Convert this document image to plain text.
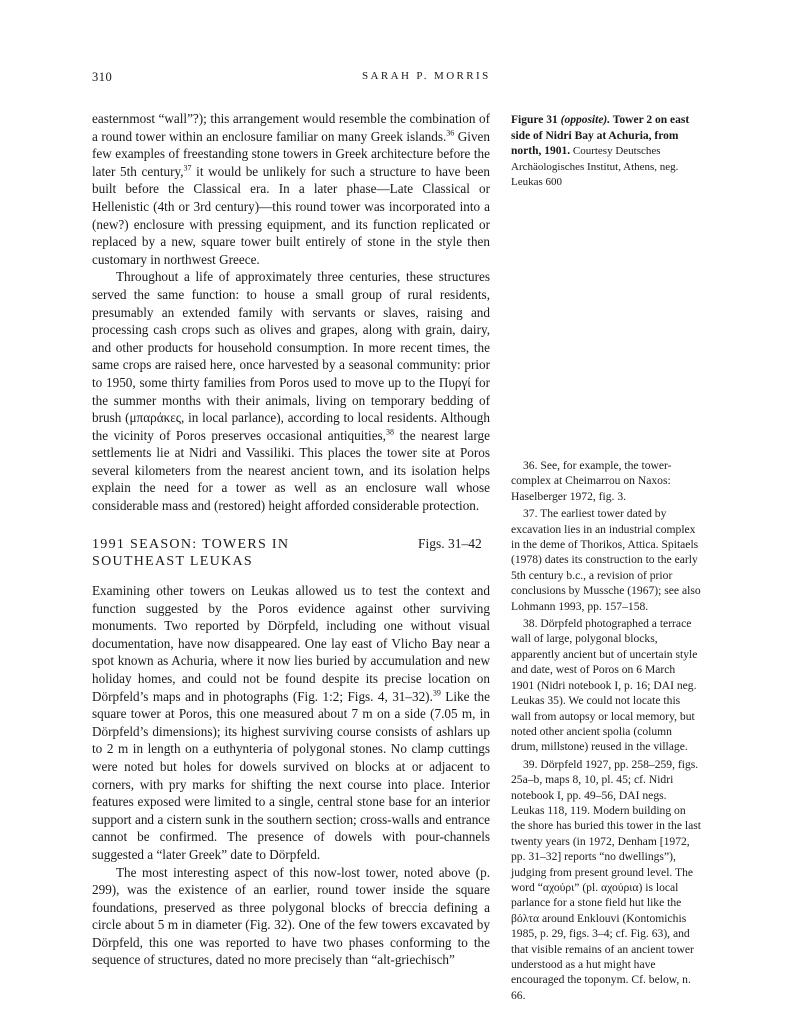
310	SARAH P. MORRIS

easternmost “wall”?); this arrangement would resemble the combination of a round tower within an enclosure familiar on many Greek islands.$^{36}$ Given few examples of freestanding stone towers in Greek architecture before the later 5th century,$^{37}$ it would be unlikely for such a structure to have been built before the Classical era. In a later phase—Late Classical or Hellenistic (4th or 3rd century)—this round tower was incorporated into a (new?) enclosure with pressing equipment, and its function replicated or replaced by a new, square tower built entirely of stone in the style then customary in northwest Greece.

Throughout a life of approximately three centuries, these structures served the same function: to house a small group of rural residents, presumably an extended family with servants or slaves, raising and processing cash crops such as olives and grapes, along with grain, dairy, and other products for household consumption. In more recent times, the same crops are raised here, once harvested by a seasonal community: prior to 1950, some thirty families from Poros used to move up to the Πυργί for the summer months with their animals, living on temporary bedding of brush (μπαράκες, in local parlance), according to local residents. Although the vicinity of Poros preserves occasional antiquities,$^{38}$ the nearest large settlements lie at Nidri and Vassiliki. This places the tower site at Poros several kilometers from the nearest ancient town, and its isolation helps explain the need for a tower as well as an enclosure wall whose considerable mass and (restored) height afforded considerable protection.

1991 SEASON: TOWERS IN SOUTHEAST LEUKAS
Figs. 31–42

Examining other towers on Leukas allowed us to test the context and function suggested by the Poros evidence against other surviving monuments. Two reported by Dörpfeld, including one without visual documentation, have now disappeared. One lay east of Vlicho Bay near a spot known as Achuria, where it now lies buried by accumulation and new holiday homes, and could not be found despite its precise location on Dörpfeld’s maps and in photographs (Fig. 1:2; Figs. 4, 31–32).$^{39}$ Like the square tower at Poros, this one measured about 7 m on a side (7.05 m, in Dörpfeld’s dimensions); its highest surviving course consists of ashlars up to 2 m in length on a euthynteria of polygonal stones. No clamp cuttings were noted but holes for dowels survived on blocks at or adjacent to corners, with pry marks for shifting the next course into place. Interior features exposed were limited to a single, central stone base for an interior support and a cistern sunk in the southern section; cross-walls and entrance cannot be confirmed. The presence of dowels with pour-channels suggested a “later Greek” date to Dörpfeld.

The most interesting aspect of this now-lost tower, noted above (p. 299), was the existence of an earlier, round tower inside the square foundations, preserved as three polygonal blocks of breccia defining a circle about 5 m in diameter (Fig. 32). One of the few towers excavated by Dörpfeld, this one was reported to have two phases conforming to the sequence of structures, dated no more precisely than “alt-griechisch”

Figure 31 (opposite). Tower 2 on east side of Nidri Bay at Achuria, from north, 1901. Courtesy Deutsches Archäologisches Institut, Athens, neg. Leukas 600

36. See, for example, the tower-complex at Cheimarrou on Naxos: Haselberger 1972, fig. 3.

37. The earliest tower dated by excavation lies in an industrial complex in the deme of Thorikos, Attica. Spitaels (1978) dates its construction to the early 5th century b.c., a revision of prior conclusions by Mussche (1967); see also Lohmann 1993, pp. 157–158.

38. Dörpfeld photographed a terrace wall of large, polygonal blocks, apparently ancient but of uncertain style and date, west of Poros on 6 March 1901 (Nidri notebook I, p. 16; DAI neg. Leukas 35). We could not locate this wall from autopsy or local memory, but noted other ancient spolia (column drum, millstone) reused in the village.

39. Dörpfeld 1927, pp. 258–259, figs. 25a–b, maps 8, 10, pl. 45; cf. Nidri notebook I, pp. 49–56, DAI negs. Leukas 118, 119. Modern building on the shore has buried this tower in the last twenty years (in 1972, Denham [1972, pp. 31–32] reports “no dwellings”), judging from present ground level. The word “αχούρι” (pl. αχούρια) is local parlance for a stone field hut like the βόλτα around Enklouvi (Kontomichis 1985, p. 29, figs. 3–4; cf. Fig. 63), and that visible remains of an ancient tower understood as a hut might have encouraged the toponym. Cf. below, n. 66.
